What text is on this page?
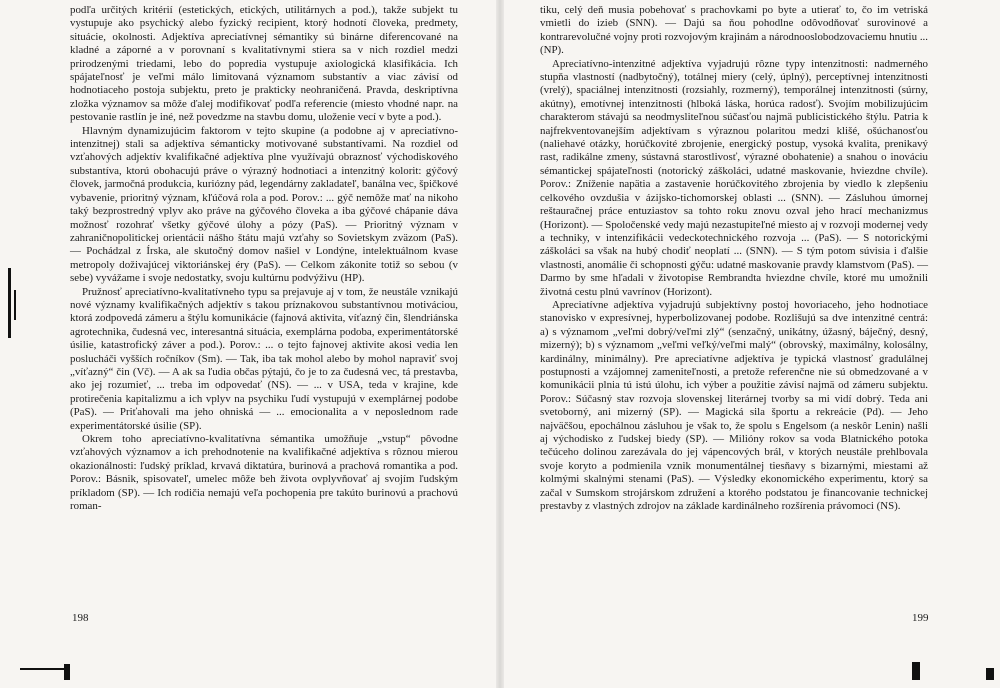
podľa určitých kritérií (estetických, etických, utilitárnych a pod.), takže subjekt tu vystupuje ako psychický alebo fyzický recipient, ktorý hodnotí človeka, predmety, situácie, okolnosti. Adjektíva apreciatívnej sémantiky sú binárne diferencované na kladné a záporné a v porovnaní s kvalitatívnymi stiera sa v nich rozdiel medzi prirodzenými triedami, lebo do popredia vystupuje axiologická klasifikácia. Ich spájateľnosť je veľmi málo limitovaná významom substantív a viac závisí od hodnotiaceho postoja subjektu, preto je prakticky neohraničená. Pravda, deskriptívna zložka významov sa môže ďalej modifikovať podľa referencie (miesto vhodné napr. na pestovanie rastlín je iné, než povedzme na stavbu domu, uloženie vecí v byte a pod.).

Hlavným dynamizujúcim faktorom v tejto skupine (a podobne aj v apreciatívno-intenzitnej) stali sa adjektíva sémanticky motivované substantívami. Na rozdiel od vzťahových adjektív kvalifikačné adjektíva plne využívajú obraznosť východiskového substantíva, ktorú obohacujú práve o výrazný hodnotiaci a intenzitný kolorit: gýčový človek, jarmočná produkcia, kuriózny pád, legendárny zakladateľ, banálna vec, špičkové vybavenie, prioritný význam, kľúčová rola a pod. Porov.: ... gýč nemôže mať na nikoho taký bezprostredný vplyv ako práve na gýčového človeka a iba gýčové chápanie dáva možnosť rozohrať všetky gýčové úlohy a pózy (PaS). — Prioritný význam v zahraničnopolitickej orientácii nášho štátu majú vzťahy so Sovietskym zväzom (PaS). — Pochádzal z Írska, ale skutočný domov našiel v Londýne, intelektuálnom kvase metropoly doživajúcej viktoriánskej éry (PaS). — Celkom zákonite totiž so sebou (v sebe) vyvážame i svoje nedostatky, svoju kultúrnu podvýživu (HP).

Pružnosť apreciatívno-kvalitatívneho typu sa prejavuje aj v tom, že neustále vznikajú nové významy kvalifikačných adjektív s takou príznakovou substantívnou motiváciou, ktorá zodpovedá zámeru a štýlu komunikácie (fajnová aktivita, víťazný čin, šlendriánska agrotechnika, čudesná vec, interesantná situácia, exemplárna podoba, experimentátorské úsilie, katastrofický záver a pod.). Porov.: ... o tejto fajnovej aktivite akosi vedia len poslucháči vyšších ročníkov (Sm). — Tak, iba tak mohol alebo by mohol napraviť svoj „víťazný“ čin (Vč). — A ak sa ľudia občas pýtajú, čo je to za čudesná vec, tá prestavba, ako jej rozumieť, ... treba im odpovedať (NS). — ... v USA, teda v krajine, kde protirečenia kapitalizmu a ich vplyv na psychiku ľudí vystupujú v exemplárnej podobe (PaS). — Priťahovali ma jeho ohniská — ... emocionalita a v neposlednom rade experimentátorské úsilie (SP).

Okrem toho apreciatívno-kvalitatívna sémantika umožňuje „vstup“ pôvodne vzťahových významov a ich prehodnotenie na kvalifikačné adjektíva s rôznou mierou okazionálnosti: ľudský príklad, krvavá diktatúra, burinová a prachová romantika a pod. Porov.: Básnik, spisovateľ, umelec môže beh života ovplyvňovať aj svojím ľudským príkladom (SP). — Ich rodičia nemajú veľa pochopenia pre takúto burinovú a prachovú roman-

198

tiku, celý deň musia pobehovať s prachovkami po byte a utierať to, čo im vetriská vmietli do izieb (SNN). — Dajú sa ňou pohodlne odôvodňovať surovinové a kontrarevolučné vojny proti rozvojovým krajinám a národnooslobodzovaciemu hnutiu ... (NP).

Apreciatívno-intenzitné adjektíva vyjadrujú rôzne typy intenzitnosti: nadmerného stupňa vlastností (nadbytočný), totálnej miery (celý, úplný), perceptívnej intenzitnosti (vrelý), spaciálnej intenzitnosti (rozsiahly, rozmerný), temporálnej intenzitnosti (súrny, akútny), emotívnej intenzitnosti (hlboká láska, horúca radosť). Svojím mobilizujúcim charakterom stávajú sa neodmysliteľnou súčasťou najmä publicistického štýlu. Patria k najfrekventovanejším adjektívam s výraznou polaritou medzi klišé, ošúchanosťou (naliehavé otázky, horúčkovité zbrojenie, energický postup, vysoká kvalita, prenikavý rast, radikálne zmeny, sústavná starostlivosť, výrazné obohatenie) a snahou o inováciu sémantickej spájateľnosti (notorický záškoláci, udatné maskovanie, hviezdne chvíle). Porov.: Zníženie napätia a zastavenie horúčkovitého zbrojenia by viedlo k zlepšeniu celkového ovzdušia v ázijsko-tichomorskej oblasti ... (SNN). — Zásluhou úmornej reštauračnej práce entuziastov sa tohto roku znovu ozval jeho hrací mechanizmus (Horizont). — Spoločenské vedy majú nezastupiteľné miesto aj v rozvoji modernej vedy a techniky, v intenzifikácii vedeckotechnického rozvoja ... (PaS). — S notorickými záškoláci sa však na hubý chodiť neoplatí ... (SNN). — S tým potom súvisia i ďalšie vlastnosti, anomálie či schopnosti gýču: udatné maskovanie pravdy klamstvom (PaS). — Darmo by sme hľadali v životopise Rembrandta hviezdne chvíle, ktoré mu umožnili životná cestu plnú vavrínov (Horizont).

Apreciatívne adjektíva vyjadrujú subjektívny postoj hovoriaceho, jeho hodnotiace stanovisko v expresívnej, hyperbolizovanej podobe. Rozlišujú sa dve intenzitné centrá: a) s významom „veľmi dobrý/veľmi zlý“ (senzačný, unikátny, úžasný, báječný, desný, mizerný); b) s významom „veľmi veľký/veľmi malý“ (obrovský, maximálny, kolosálny, kardinálny, minimálny). Pre apreciatívne adjektíva je typická vlastnosť gradulálnej postupnosti a vzájomnej zameniteľnosti, a pretože referenčne nie sú obmedzované a v komunikácii plnia tú istú úlohu, ich výber a použitie závisí najmä od zámeru subjektu. Porov.: Súčasný stav rozvoja slovenskej literárnej tvorby sa mi vidí dobrý. Teda ani svetoborný, ani mizerný (SP). — Magická sila športu a rekreácie (Pd). — Jeho najväčšou, epochálnou zásluhou je však to, že spolu s Engelsom (a neskôr Lenin) našli aj východisko z ľudskej biedy (SP). — Milióny rokov sa voda Blatnického potoka tečúceho dolinou zarezávala do jej vápencových brál, v ktorých neustále prehlbovala svoje koryto a podmienila vznik monumentálnej tiesňavy s bizarnými, miestami až kolmými skalnými stenami (PaS). — Výsledky ekonomického experimentu, ktorý sa začal v Sumskom strojárskom združení a ktorého podstatou je financovanie technickej prestavby z vlastných zdrojov na základe kardinálneho rozšírenia právomoci (NS).

199
